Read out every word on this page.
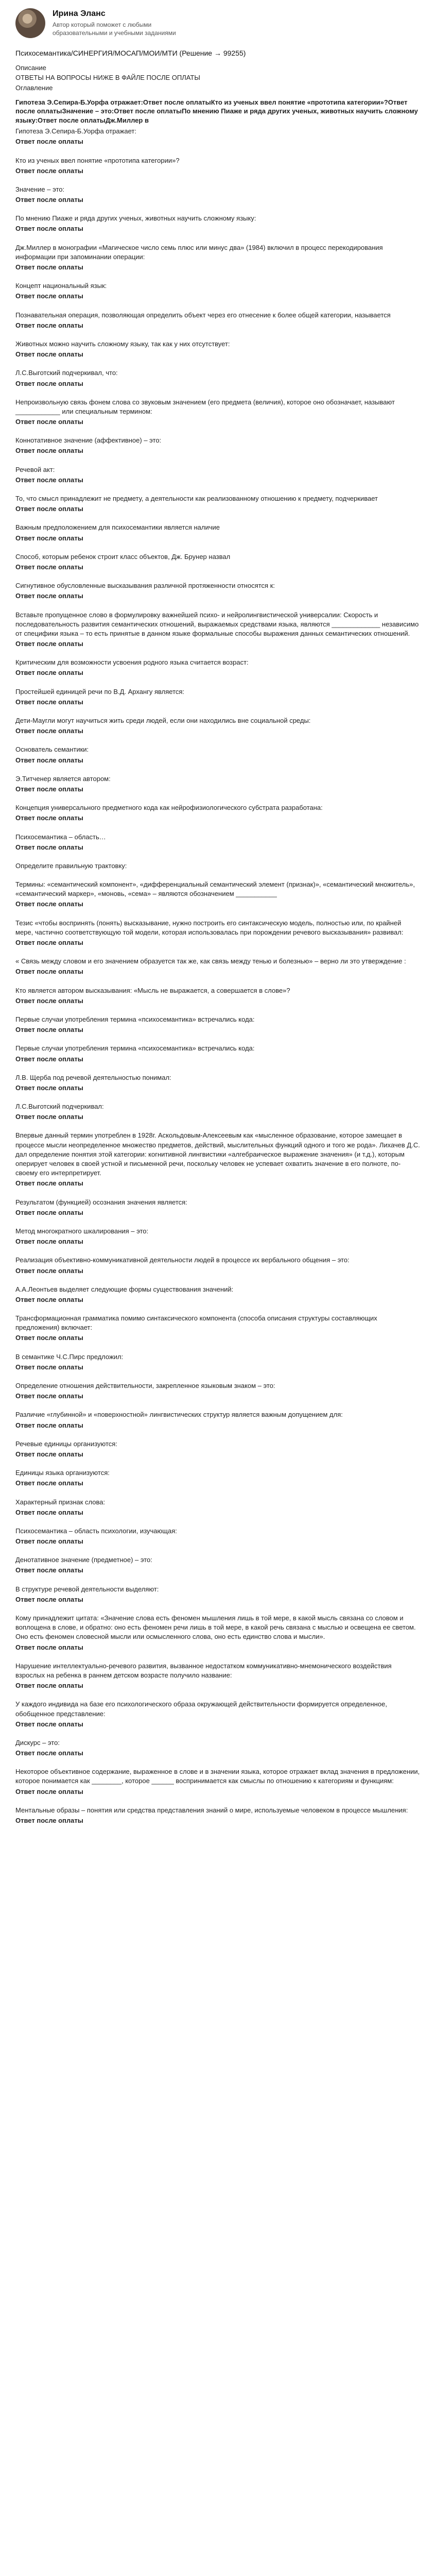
Ирина Эланс
Автор который поможет с любыми образовательными и учебными заданиями
Психосемантика/СИНЕРГИЯ/МОСАП/МОИ/МТИ (Решение → 99255)
Описание
ОТВЕТЫ НА ВОПРОСЫ НИЖЕ В ФАЙЛЕ ПОСЛЕ ОПЛАТЫ
Оглавление
Гипотеза Э.Сепира-Б.Уорфа отражает:Ответ после оплатыКто из ученых ввел понятие «прототипа категории»?Ответ после оплатыЗначение – это:Ответ после оплатыПо мнению Пиаже и ряда других ученых, животных научить сложному языку:Ответ после оплатыДж.Миллер в
Гипотеза Э.Сепира-Б.Уорфа отражает:
Ответ после оплаты
Кто из ученых ввел понятие «прототипа категории»?
Ответ после оплаты
Значение – это:
Ответ после оплаты
По мнению Пиаже и ряда других ученых, животных научить сложному языку:
Ответ после оплаты
Дж.Миллер в монографии «Магическое число семь плюс или минус два» (1984) включил в процесс перекодирования информации при запоминании операции:
Ответ после оплаты
Концепт национальный язык:
Ответ после оплаты
Познавательная операция, позволяющая определить объект через его отнесение к более общей категории, называется
Ответ после оплаты
Животных можно научить сложному языку, так как у них отсутствует:
Ответ после оплаты
Л.С.Выготский подчеркивал, что:
Ответ после оплаты
Непроизвольную связь фонем слова со звуковым значением (его предмета (величия), которое оно обозначает, называют ____________ или специальным термином:
Ответ после оплаты
Коннотативное значение (аффективное) – это:
Ответ после оплаты
Речевой акт:
Ответ после оплаты
То, что смысл принадлежит не предмету, а деятельности как реализованному отношению к предмету, подчеркивает
Ответ после оплаты
Важным предположением для психосемантики является наличие
Ответ после оплаты
Способ, которым ребенок строит класс объектов, Дж. Брунер назвал
Ответ после оплаты
Сигнутивное обусловленные высказывания различной протяженности относятся к:
Ответ после оплаты
Вставьте пропущенное слово в формулировку важнейшей психо- и нейролингвистической универсалии: Скорость и последовательность развития семантических отношений, выражаемых средствами языка, являются _____________ независимо от специфики языка – то есть принятые в данном языке формальные способы выражения данных семантических отношений.
Ответ после оплаты
Критическим для возможности усвоения родного языка считается возраст:
Ответ после оплаты
Простейшей единицей речи по В.Д. Архангу является:
Ответ после оплаты
Дети-Маугли могут научиться жить среди людей, если они находились вне социальной среды:
Ответ после оплаты
Основатель семантики:
Ответ после оплаты
Э.Титченер является автором:
Ответ после оплаты
Концепция универсального предметного кода как нейрофизиологического субстрата разработана:
Ответ после оплаты
Психосемантика – область…
Ответ после оплаты
Определите правильную трактовку:
Термины: «семантический компонент», «дифференциальный семантический элемент (признак)», «семантический множитель», «семантический маркер», «моновь, «сема» – являются обозначением ___________
Ответ после оплаты
Тезис «чтобы воспринять (понять) высказывание, нужно построить его синтаксическую модель, полностью или, по крайней мере, частично соответствующую той модели, которая использовалась при порождении речевого высказывания» развивал:
Ответ после оплаты
« Связь между словом и его значением образуется так же, как связь между тенью и болезнью» – верно ли это утверждение :
Ответ после оплаты
Кто является автором высказывания: «Мысль не выражается, а совершается в слове»?
Ответ после оплаты
Первые случаи употребления термина «психосемантика» встречались кода:
Ответ после оплаты
Первые случаи употребления термина «психосемантика» встречались кода:
Ответ после оплаты
Л.В. Щерба под речевой деятельностью понимал:
Ответ после оплаты
Л.С.Выготский подчеркивал:
Ответ после оплаты
Впервые данный термин употреблен в 1928г. Аскольдовым-Алексеевым как «мысленное образование, которое замещает в процессе мысли неопределенное множество предметов, действий, мыслительных функций одного и того же рода». Лихачев Д.С. дал определение понятия этой категории: когнитивной лингвистики «алгебраическое выражение значения» (и т.д.), которым оперирует человек в своей устной и письменной речи, поскольку человек не успевает охватить значение в его полноте, по-своему его интерпретирует.
Ответ после оплаты
Результатом (функцией) осознания значения является:
Ответ после оплаты
Метод многократного шкалирования – это:
Ответ после оплаты
Реализация объективно-коммуникативной деятельности людей в процессе их вербального общения – это:
Ответ после оплаты
А.А.Леонтьев выделяет следующие формы существования значений:
Ответ после оплаты
Трансформационная грамматика помимо синтаксического компонента (способа описания структуры составляющих предложения) включает:
Ответ после оплаты
В семантике Ч.С.Пирс предложил:
Ответ после оплаты
Определение отношения действительности, закрепленное языковым знаком – это:
Ответ после оплаты
Различие «глубинной» и «поверхностной» лингвистических структур является важным допущением для:
Ответ после оплаты
Речевые единицы организуются:
Ответ после оплаты
Единицы языка организуются:
Ответ после оплаты
Характерный признак слова:
Ответ после оплаты
Психосемантика – область психологии, изучающая:
Ответ после оплаты
Денотативное значение (предметное) – это:
Ответ после оплаты
В структуре речевой деятельности выделяют:
Ответ после оплаты
Кому принадлежит цитата: «Значение слова есть феномен мышления лишь в той мере, в какой мысль связана со словом и воплощена в слове, и обратно: оно есть феномен речи лишь в той мере, в какой речь связана с мыслью и освещена ее светом. Оно есть феномен словесной мысли или осмысленного слова, оно есть единство слова и мысли».
Ответ после оплаты
Нарушение интеллектуально-речевого развития, вызванное недостатком коммуникативно-мнемонического воздействия взрослых на ребенка в раннем детском возрасте получило название:
Ответ после оплаты
У каждого индивида на базе его психологического образа окружающей действительности формируется определенное, обобщенное представление:
Ответ после оплаты
Дискурс – это:
Ответ после оплаты
Некоторое объективное содержание, выраженное в слове и в значении языка, которое отражает вклад значения в предложении, которое понимается как ________, которое ______ воспринимается как смыслы по отношению к категориям и функциям:
Ответ после оплаты
Ментальные образы – понятия или средства представления знаний о мире, используемые человеком в процессе мышления:
Ответ после оплаты
